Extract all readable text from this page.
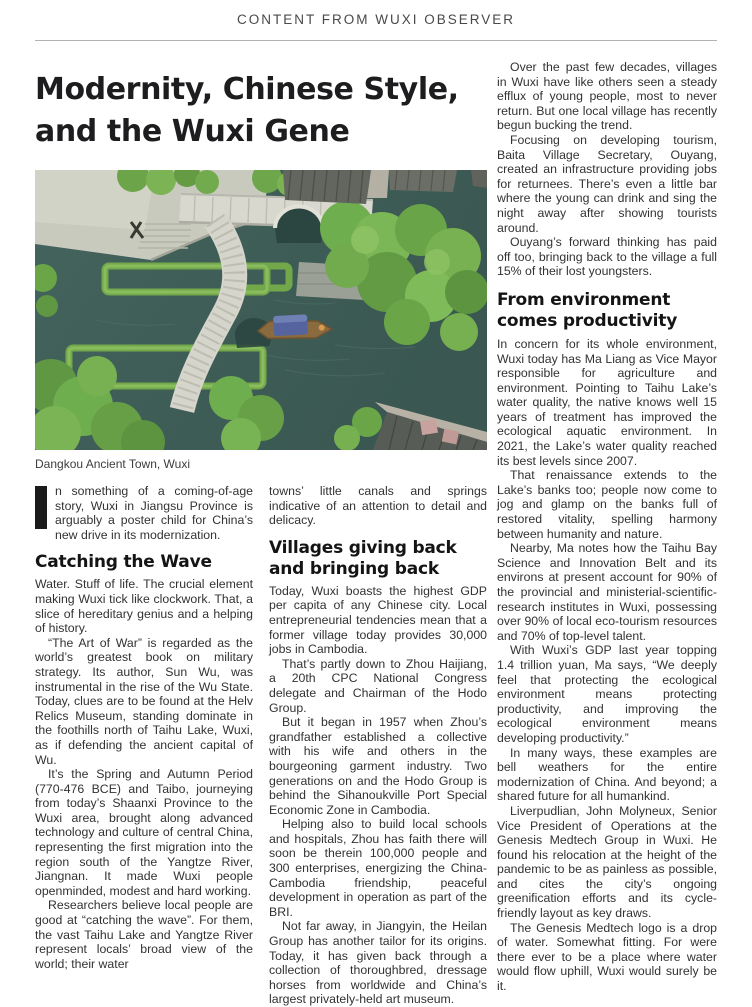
CONTENT FROM WUXI OBSERVER
Modernity, Chinese Style, and the Wuxi Gene
Dangkou Ancient Town, Wuxi

n something of a coming-of-age story, Wuxi in Jiangsu Province is arguably a poster child for China’s new drive in its modernization.

Catching the Wave

Water. Stuff of life. The crucial element making Wuxi tick like clockwork. That, a slice of hereditary genius and a helping of history.

“The Art of War” is regarded as the world’s greatest book on military strategy. Its author, Sun Wu, was instrumental in the rise of the Wu State. Today, clues are to be found at the Helv Relics Museum, standing dominate in the foothills north of Taihu Lake, Wuxi, as if defending the ancient capital of Wu.

It’s the Spring and Autumn Period (770-476 BCE) and Taibo, journeying from today’s Shaanxi Province to the Wuxi area, brought along advanced technology and culture of central China, representing the first migration into the region south of the Yangtze River, Jiangnan. It made Wuxi people openminded, modest and hard working.

Researchers believe local people are good at “catching the wave”. For them, the vast Taihu Lake and Yangtze River represent locals’ broad view of the world; their water

towns’ little canals and springs indicative of an attention to detail and delicacy.

Villages giving back and bringing back

Today, Wuxi boasts the highest GDP per capita of any Chinese city. Local entrepreneurial tendencies mean that a former village today provides 30,000 jobs in Cambodia.

That’s partly down to Zhou Haijiang, a 20th CPC National Congress delegate and Chairman of the Hodo Group.

But it began in 1957 when Zhou’s grandfather established a collective with his wife and others in the bourgeoning garment industry. Two generations on and the Hodo Group is behind the Sihanoukville Port Special Economic Zone in Cambodia.

Helping also to build local schools and hospitals, Zhou has faith there will soon be therein 100,000 people and 300 enterprises, energizing the China-Cambodia friendship, peaceful development in operation as part of the BRI.

Not far away, in Jiangyin, the Heilan Group has another tailor for its origins. Today, it has given back through a collection of thoroughbred, dressage horses from worldwide and China’s largest privately-held art museum.

Over the past few decades, villages in Wuxi have like others seen a steady efflux of young people, most to never return. But one local village has recently begun bucking the trend.

Focusing on developing tourism, Baita Village Secretary, Ouyang, created an infrastructure providing jobs for returnees. There’s even a little bar where the young can drink and sing the night away after showing tourists around.

Ouyang’s forward thinking has paid off too, bringing back to the village a full 15% of their lost youngsters.

From environment comes productivity

In concern for its whole environment, Wuxi today has Ma Liang as Vice Mayor responsible for agriculture and environment. Pointing to Taihu Lake’s water quality, the native knows well 15 years of treatment has improved the ecological aquatic environment. In 2021, the Lake’s water quality reached its best levels since 2007.

That renaissance extends to the Lake’s banks too; people now come to jog and glamp on the banks full of restored vitality, spelling harmony between humanity and nature.

Nearby, Ma notes how the Taihu Bay Science and Innovation Belt and its environs at present account for 90% of the provincial and ministerial-scientific-research institutes in Wuxi, possessing over 90% of local eco-tourism resources and 70% of top-level talent.

With Wuxi’s GDP last year topping 1.4 trillion yuan, Ma says, “We deeply feel that protecting the ecological environment means protecting productivity, and improving the ecological environment means developing productivity.”

In many ways, these examples are bell weathers for the entire modernization of China. And beyond; a shared future for all humankind.

Liverpudlian, John Molyneux, Senior Vice President of Operations at the Genesis Medtech Group in Wuxi. He found his relocation at the height of the pandemic to be as painless as possible, and cites the city’s ongoing greenification efforts and its cycle-friendly layout as key draws.

The Genesis Medtech logo is a drop of water. Somewhat fitting. For were there ever to be a place where water would flow uphill, Wuxi would surely be it.
